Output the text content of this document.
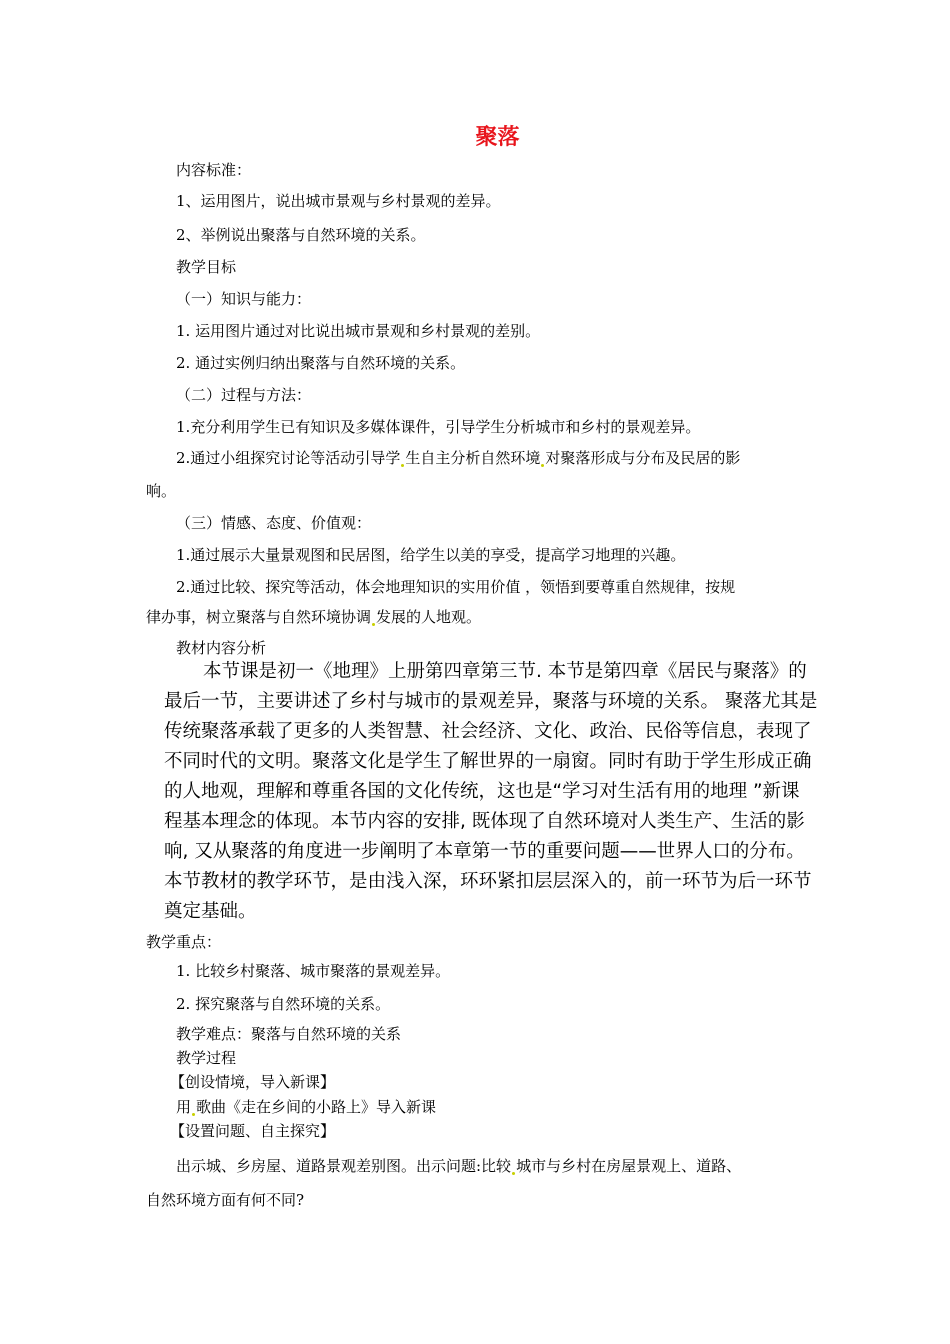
聚落

内容标准：

1、运用图片，说出城市景观与乡村景观的差异。

2、举例说出聚落与自然环境的关系。

教学目标

（一）知识与能力：

1. 运用图片通过对比说出城市景观和乡村景观的差别。

2. 通过实例归纳出聚落与自然环境的关系。

（二）过程与方法：

1.充分利用学生已有知识及多媒体课件，引导学生分析城市和乡村的景观差异。

2.通过小组探究讨论等活动引导学 生自主分析自然环境 对聚落形成与分布及民居的影

响。

（三）情感、态度、价值观：

1.通过展示大量景观图和民居图，给学生以美的享受，提高学习地理的兴趣。

2.通过比较、探究等活动，体会地理知识的实用价值 ，领悟到要尊重自然规律，按规

律办事，树立聚落与自然环境协调 发展的人地观。

教材内容分析

本节课是初一《地理》上册第四章第三节. 本节是第四章《居民与聚落》的

最后一节，主要讲述了乡村与城市的景观差异，聚落与环境的关系。 聚落尤其是

传统聚落承载了更多的人类智慧、社会经济、文化、政治、民俗等信息，表现了

不同时代的文明。聚落文化是学生了解世界的一扇窗。同时有助于学生形成正确

的人地观，理解和尊重各国的文化传统，这也是“学习对生活有用的地理 ”新课

程基本理念的体现。本节内容的安排, 既体现了自然环境对人类生产、生活的影

响, 又从聚落的角度进一步阐明了本章第一节的重要问题——世界人口的分布。

本节教材的教学环节，是由浅入深，环环紧扣层层深入的，前一环节为后一环节

奠定基础。

教学重点：

1. 比较乡村聚落、城市聚落的景观差异。

2. 探究聚落与自然环境的关系。

教学难点：聚落与自然环境的关系

教学过程

【创设情境，导入新课】

用 歌曲《走在乡间的小路上》导入新课

【设置问题、自主探究】

出示城、乡房屋、道路景观差别图。出示问题:比较 城市与乡村在房屋景观上、道路、

自然环境方面有何不同?
